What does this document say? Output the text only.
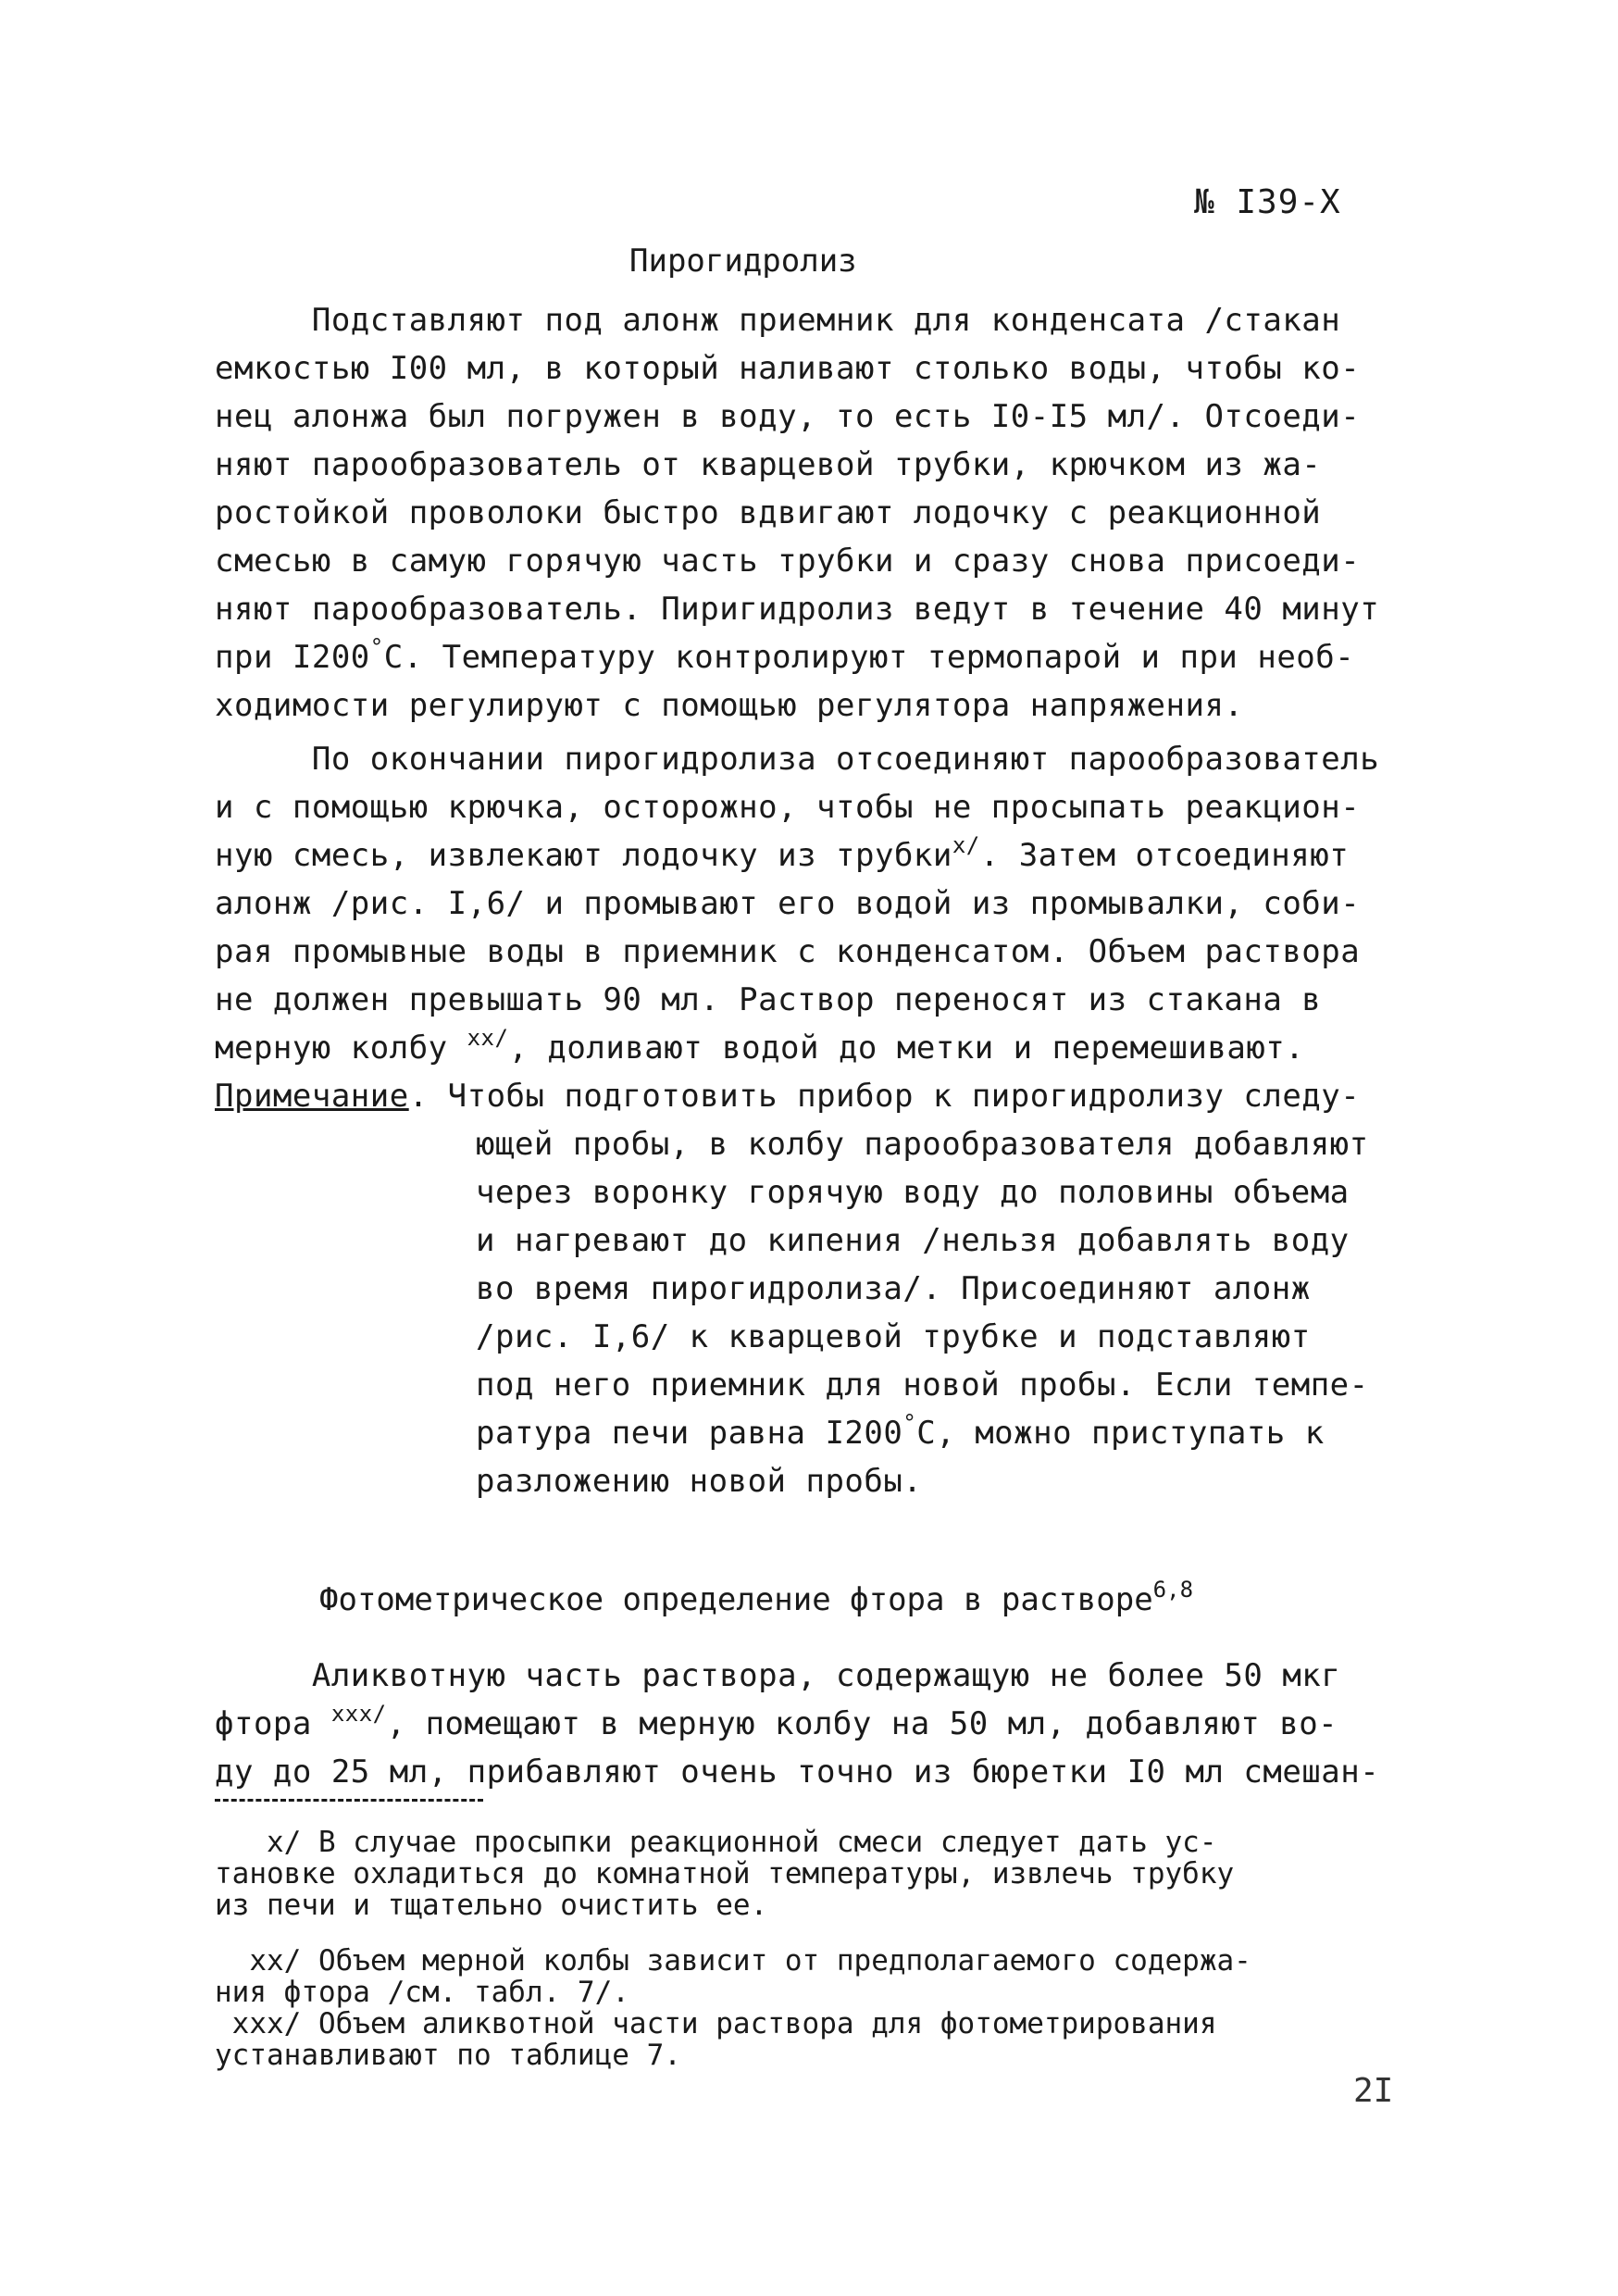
№ I39-X
Пирогидролиз
Подставляют под алонж приемник для конденсата /стакан
емкостью I00 мл, в который наливают столько воды, чтобы ко-
нец алонжа был погружен в воду, то есть I0-I5 мл/. Отсоеди-
няют парообразователь от кварцевой трубки, крючком из жа-
ростойкой проволоки быстро вдвигают лодочку с реакционной
смесью в самую горячую часть трубки и сразу снова присоеди-
няют парообразователь. Пиригидролиз ведут в течение 40 минут
при I200°С. Температуру контролируют термопарой и при необ-
ходимости регулируют с помощью регулятора напряжения.
По окончании пирогидролиза отсоединяют парообразователь
и с помощью крючка, осторожно, чтобы не просыпать реакцион-
ную смесь, извлекают лодочку из трубки$^{х/}$. Затем отсоединяют
алонж /рис. I,6/ и промывают его водой из промывалки, соби-
рая промывные воды в приемник с конденсатом. Объем раствора
не должен превышать 90 мл. Раствор переносят из стакана в
мерную колбу $^{хх/}$, доливают водой до метки и перемешивают.
Примечание. Чтобы подготовить прибор к пирогидролизу следу-
ющей пробы, в колбу парообразователя добавляют
через воронку горячую воду до половины объема
и нагревают до кипения /нельзя добавлять воду
во время пирогидролиза/. Присоединяют алонж
/рис. I,6/ к кварцевой трубке и подставляют
под него приемник для новой пробы. Если темпе-
ратура печи равна I200°С, можно приступать к
разложению новой пробы.
Фотометрическое определение фтора в растворе$^{6,8}$
Аликвотную часть раствора, содержащую не более 50 мкг
фтора $^{ххх/}$, помещают в мерную колбу на 50 мл, добавляют во-
ду до 25 мл, прибавляют очень точно из бюретки I0 мл смешан-
х/ В случае просыпки реакционной смеси следует дать ус-
тановке охладиться до комнатной температуры, извлечь трубку
из печи и тщательно очистить ее.
хх/ Объем мерной колбы зависит от предполагаемого содержа-
ния фтора /см. табл. 7/.
ххх/ Объем аликвотной части раствора для фотометрирования
устанавливают по таблице 7.
2I
